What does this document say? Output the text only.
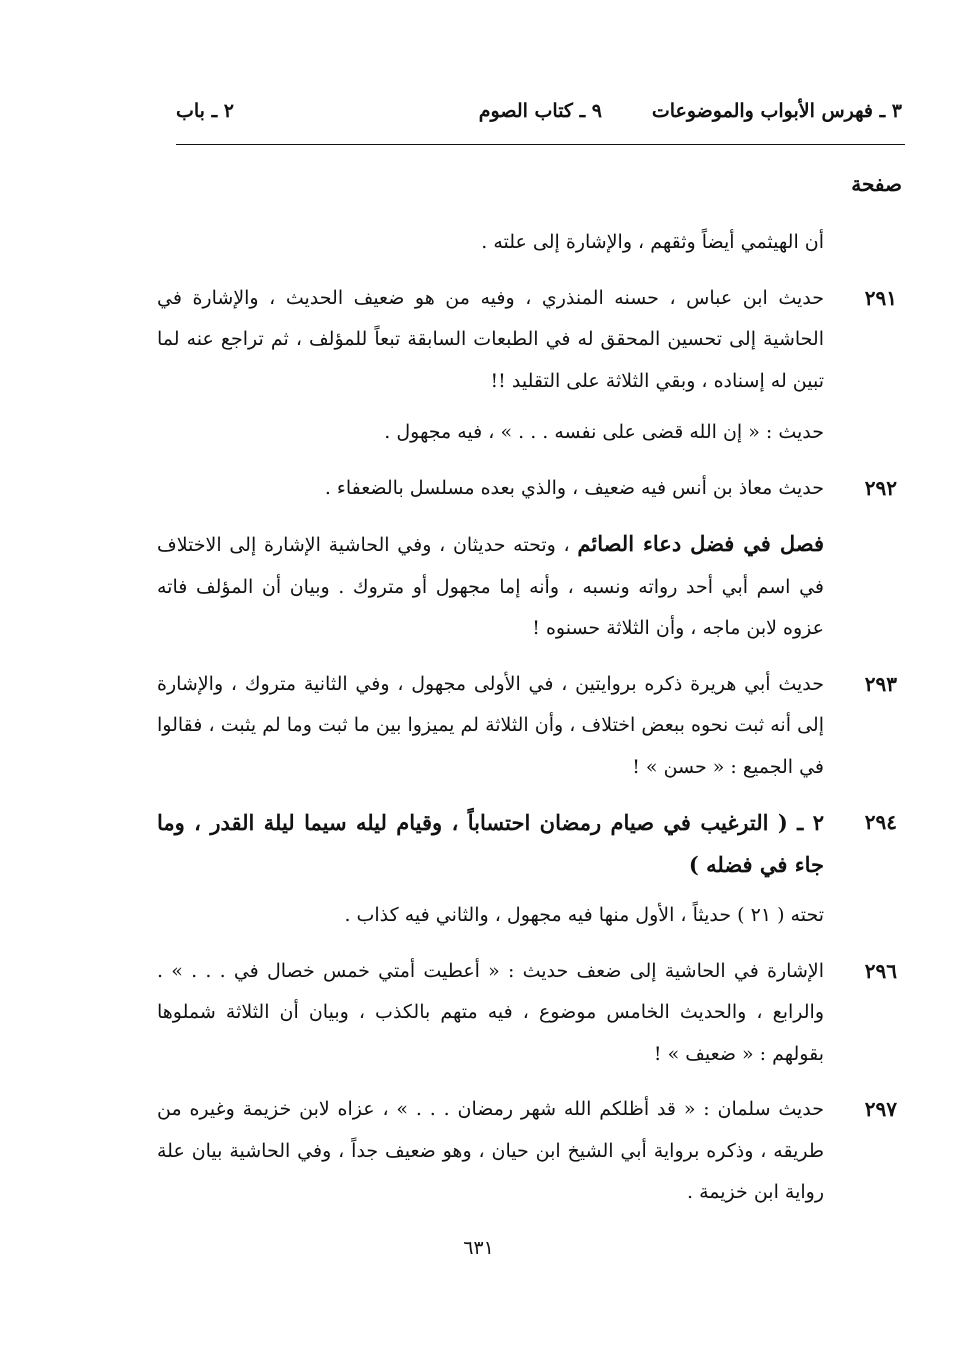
٣ ـ فهرس الأبواب والموضوعات
٩ ـ كتاب الصوم
٢ ـ باب
صفحة

أن الهيثمي أيضاً وثقهم ، والإشارة إلى علته .

٢٩١

حديث ابن عباس ، حسنه المنذري ، وفيه من هو ضعيف الحديث ، والإشارة في الحاشية إلى تحسين المحقق له في الطبعات السابقة تبعاً للمؤلف ، ثم تراجع عنه لما تبين له إسناده ، وبقي الثلاثة على التقليد !!

حديث : « إن الله قضى على نفسه . . . » ، فيه مجهول .

٢٩٢

حديث معاذ بن أنس فيه ضعيف ، والذي بعده مسلسل بالضعفاء .

فصل في فضل دعاء الصائم ، وتحته حديثان ، وفي الحاشية الإشارة إلى الاختلاف في اسم أبي أحد رواته ونسبه ، وأنه إما مجهول أو متروك . وبيان أن المؤلف فاته عزوه لابن ماجه ، وأن الثلاثة حسنوه !

٢٩٣

حديث أبي هريرة ذكره بروايتين ، في الأولى مجهول ، وفي الثانية متروك ، والإشارة إلى أنه ثبت نحوه ببعض اختلاف ، وأن الثلاثة لم يميزوا بين ما ثبت وما لم يثبت ، فقالوا في الجميع : « حسن » !

٢٩٤

٢ ـ ( الترغيب في صيام رمضان احتساباً ، وقيام ليله سيما ليلة القدر ، وما جاء في فضله )

تحته ( ٢١ ) حديثاً ، الأول منها فيه مجهول ، والثاني فيه كذاب .

٢٩٦

الإشارة في الحاشية إلى ضعف حديث : « أعطيت أمتي خمس خصال في . . . » . والرابع ، والحديث الخامس موضوع ، فيه متهم بالكذب ، وبيان أن الثلاثة شملوها بقولهم : « ضعيف » !

٢٩٧

حديث سلمان : « قد أظلكم الله شهر رمضان . . . » ، عزاه لابن خزيمة وغيره من طريقه ، وذكره برواية أبي الشيخ ابن حيان ، وهو ضعيف جداً ، وفي الحاشية بيان علة رواية ابن خزيمة .

٦٣١
